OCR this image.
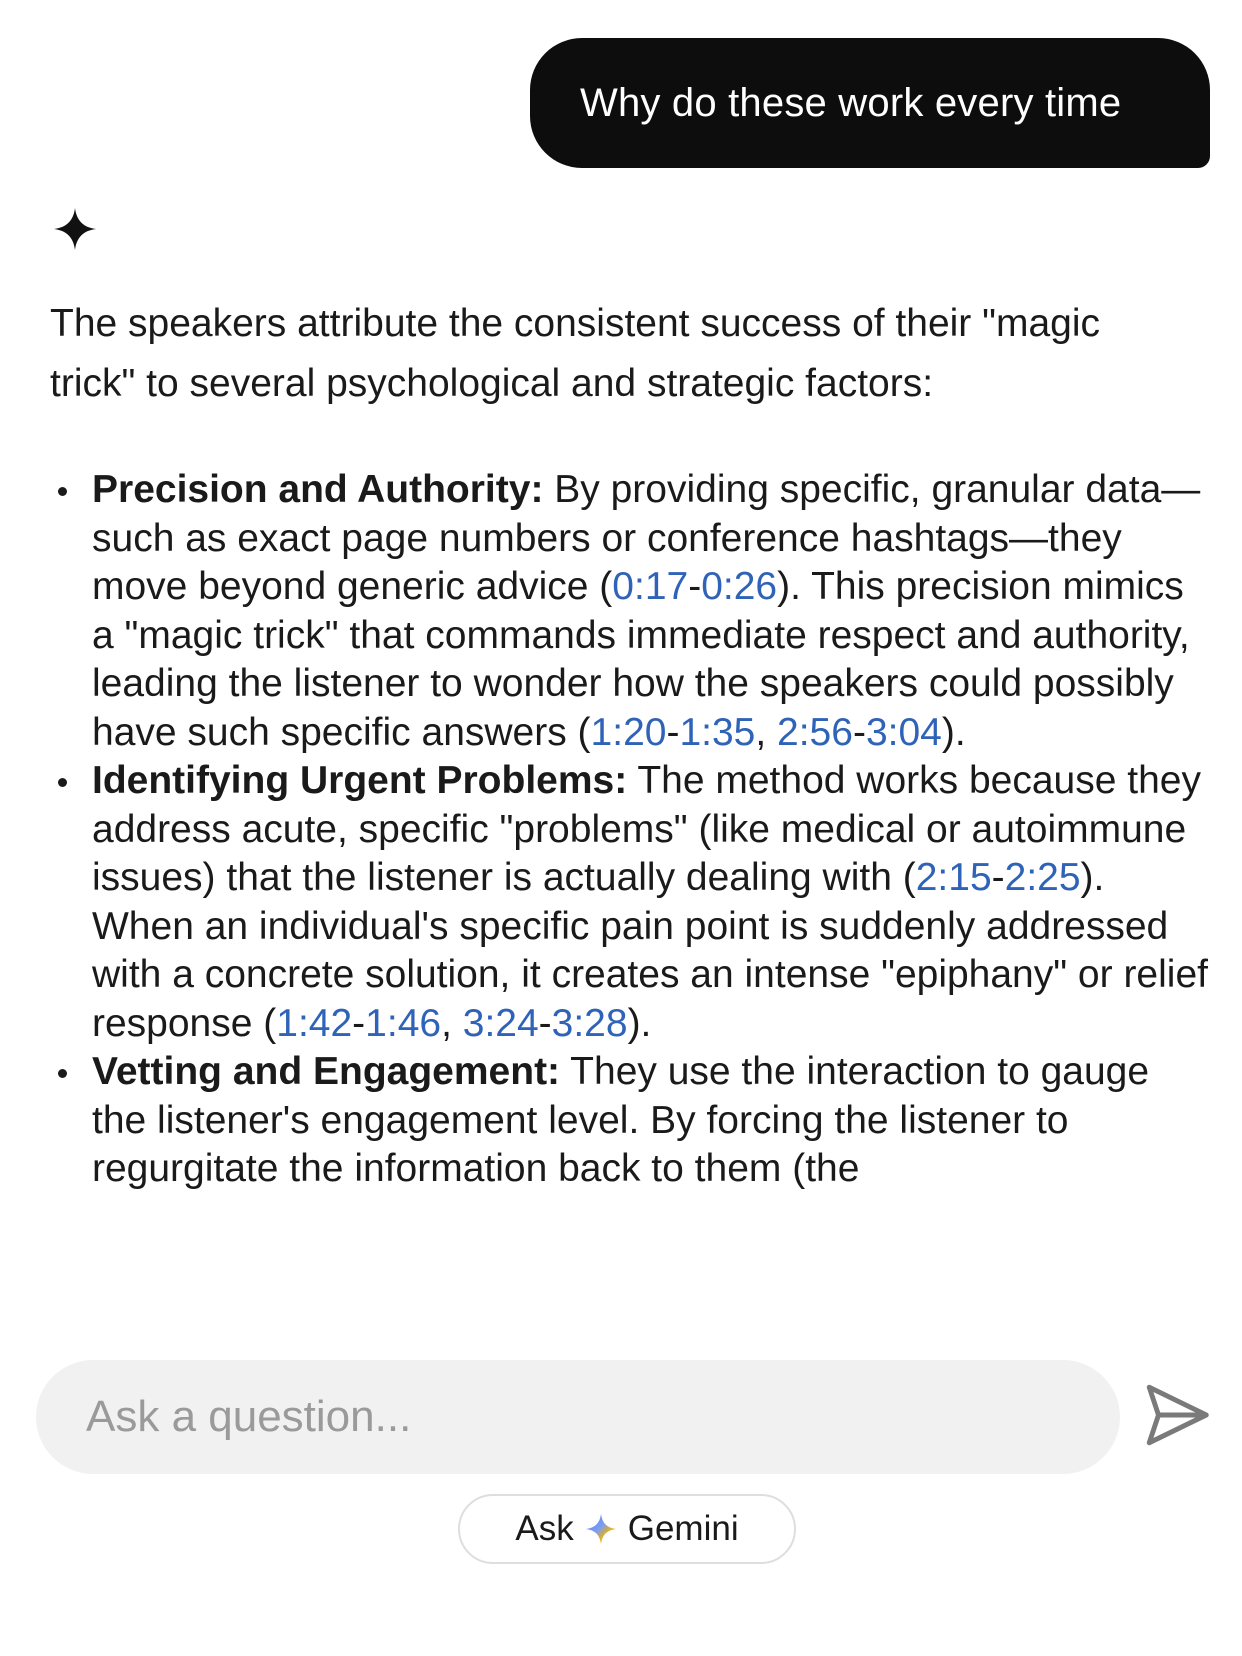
Why do these work every time

The speakers attribute the consistent success of their "magic trick" to several psychological and strategic factors:

Precision and Authority: By providing specific, granular data—such as exact page numbers or conference hashtags—they move beyond generic advice (0:17-0:26). This precision mimics a "magic trick" that commands immediate respect and authority, leading the listener to wonder how the speakers could possibly have such specific answers (1:20-1:35, 2:56-3:04).
Identifying Urgent Problems: The method works because they address acute, specific "problems" (like medical or autoimmune issues) that the listener is actually dealing with (2:15-2:25). When an individual's specific pain point is suddenly addressed with a concrete solution, it creates an intense "epiphany" or relief response (1:42-1:46, 3:24-3:28).
Vetting and Engagement: They use the interaction to gauge the listener's engagement level. By forcing the listener to regurgitate the information back to them (the
Ask a question...
Ask Gemini
